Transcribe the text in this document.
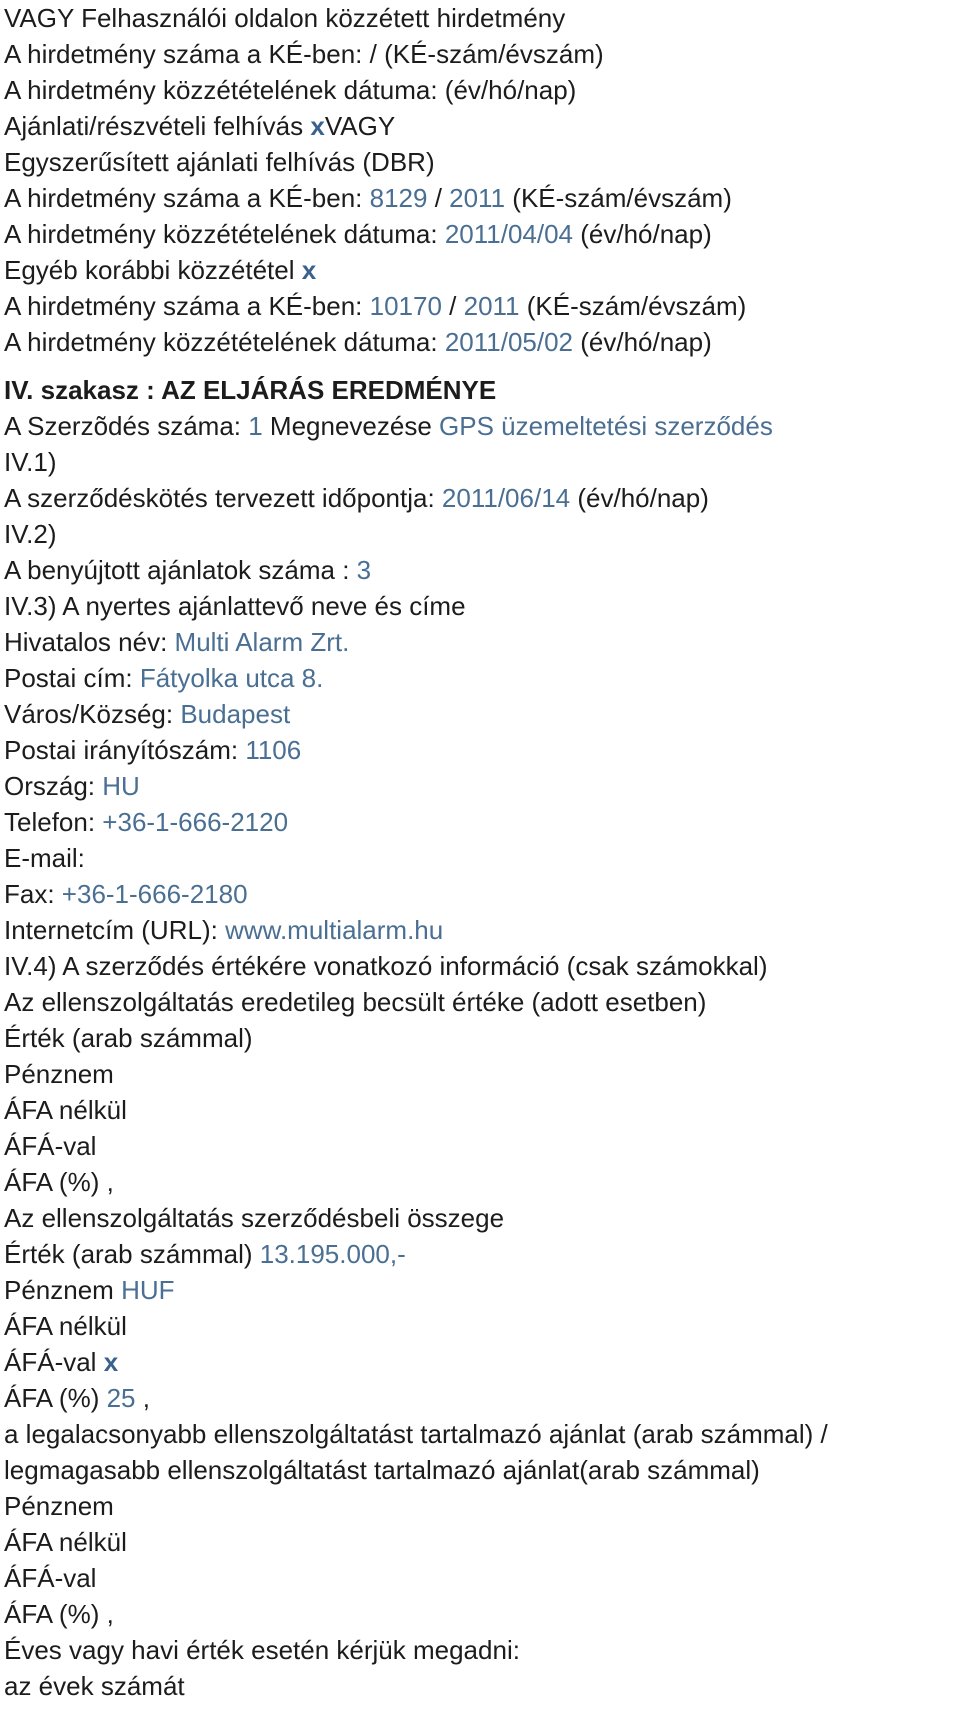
VAGY Felhasználói oldalon közzétett hirdetmény
A hirdetmény száma a KÉ-ben: / (KÉ-szám/évszám)
A hirdetmény közzétételének dátuma: (év/hó/nap)
Ajánlati/részvételi felhívás xVAGY
Egyszerűsített ajánlati felhívás (DBR)
A hirdetmény száma a KÉ-ben: 8129 / 2011 (KÉ-szám/évszám)
A hirdetmény közzétételének dátuma: 2011/04/04 (év/hó/nap)
Egyéb korábbi közzététel x
A hirdetmény száma a KÉ-ben: 10170 / 2011 (KÉ-szám/évszám)
A hirdetmény közzétételének dátuma: 2011/05/02 (év/hó/nap)
IV. szakasz : AZ ELJÁRÁS EREDMÉNYE
A Szerzõdés száma: 1 Megnevezése GPS üzemeltetési szerződés
IV.1)
A szerződéskötés tervezett időpontja: 2011/06/14 (év/hó/nap)
IV.2)
A benyújtott ajánlatok száma : 3
IV.3) A nyertes ajánlattevő neve és címe
Hivatalos név: Multi Alarm Zrt.
Postai cím: Fátyolka utca 8.
Város/Község: Budapest
Postai irányítószám: 1106
Ország: HU
Telefon: +36-1-666-2120
E-mail:
Fax: +36-1-666-2180
Internetcím (URL): www.multialarm.hu
IV.4) A szerződés értékére vonatkozó információ (csak számokkal)
Az ellenszolgáltatás eredetileg becsült értéke (adott esetben)
Érték (arab számmal)
Pénznem
ÁFA nélkül
ÁFÁ-val
ÁFA (%) ,
Az ellenszolgáltatás szerződésbeli összege
Érték (arab számmal) 13.195.000,-
Pénznem HUF
ÁFA nélkül
ÁFÁ-val x
ÁFA (%) 25 ,
a legalacsonyabb ellenszolgáltatást tartalmazó ajánlat (arab számmal) /
legmagasabb ellenszolgáltatást tartalmazó ajánlat(arab számmal)
Pénznem
ÁFA nélkül
ÁFÁ-val
ÁFA (%) ,
Éves vagy havi érték esetén kérjük megadni:
az évek számát
